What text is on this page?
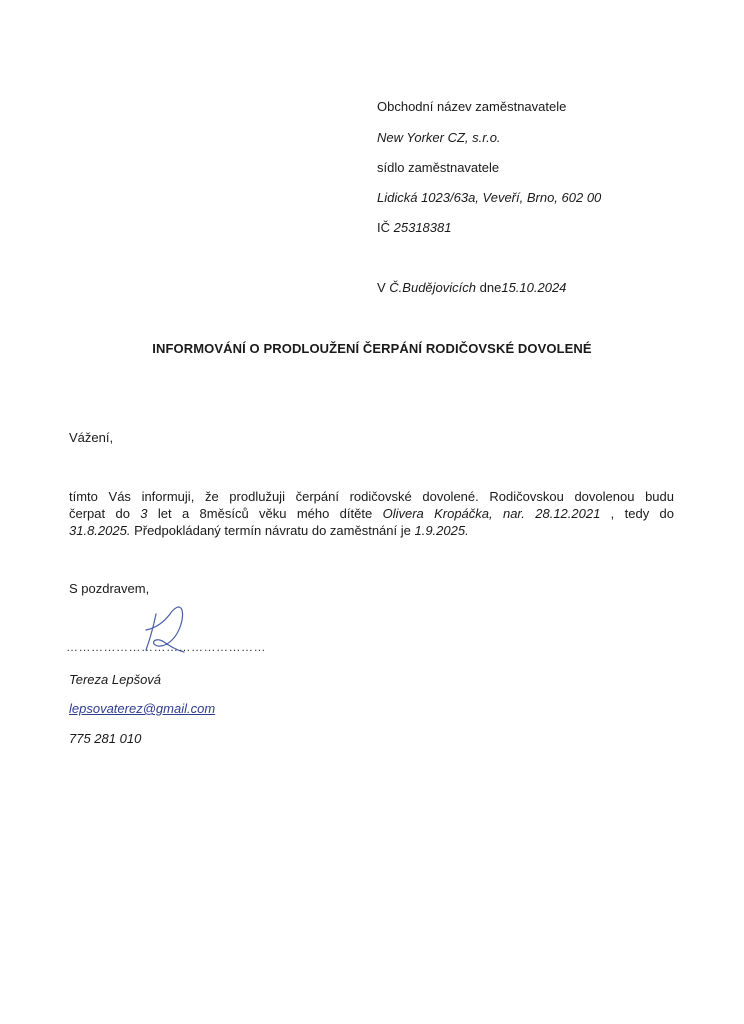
Obchodní název zaměstnavatele
New Yorker CZ, s.r.o.
sídlo zaměstnavatele
Lidická 1023/63a, Veveří, Brno, 602 00
IČ 25318381
V Č.Budějovicích dne15.10.2024
INFORMOVÁNÍ O PRODLOUŽENÍ ČERPÁNÍ RODIČOVSKÉ DOVOLENÉ
Vážení,
tímto Vás informuji, že prodlužuji čerpání rodičovské dovolené. Rodičovskou dovolenou budu
čerpat do 3 let a 8měsíců věku mého dítěte Olivera Kropáčka, nar. 28.12.2021 , tedy do
31.8.2025. Předpokládaný termín návratu do zaměstnání je 1.9.2025.
S pozdravem,
…………………………………………
Tereza Lepšová
lepsovaterez@gmail.com
775 281 010
